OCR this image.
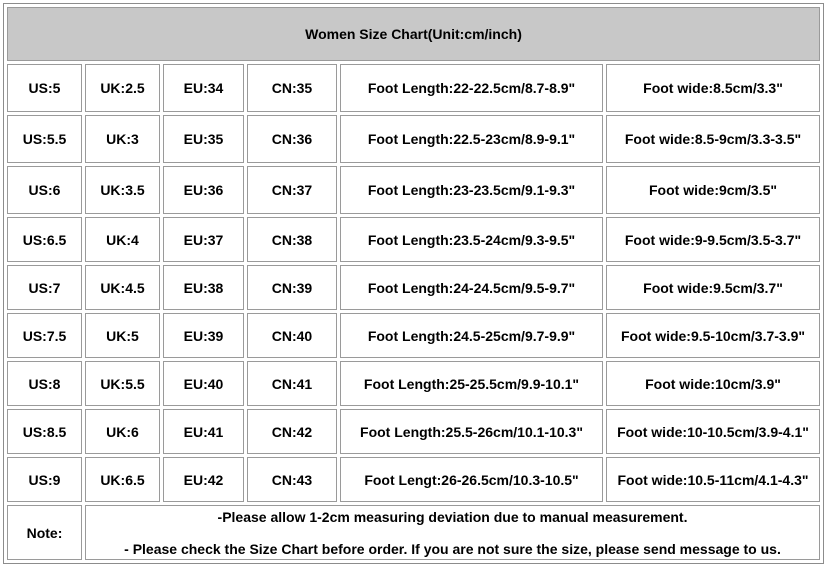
Women Size Chart(Unit:cm/inch)
US:5	UK:2.5	EU:34	CN:35	Foot Length:22-22.5cm/8.7-8.9"	Foot wide:8.5cm/3.3"
US:5.5	UK:3	EU:35	CN:36	Foot Length:22.5-23cm/8.9-9.1"	Foot wide:8.5-9cm/3.3-3.5"
US:6	UK:3.5	EU:36	CN:37	Foot Length:23-23.5cm/9.1-9.3"	Foot wide:9cm/3.5"
US:6.5	UK:4	EU:37	CN:38	Foot Length:23.5-24cm/9.3-9.5"	Foot wide:9-9.5cm/3.5-3.7"
US:7	UK:4.5	EU:38	CN:39	Foot Length:24-24.5cm/9.5-9.7"	Foot wide:9.5cm/3.7"
US:7.5	UK:5	EU:39	CN:40	Foot Length:24.5-25cm/9.7-9.9"	Foot wide:9.5-10cm/3.7-3.9"
US:8	UK:5.5	EU:40	CN:41	Foot Length:25-25.5cm/9.9-10.1"	Foot wide:10cm/3.9"
US:8.5	UK:6	EU:41	CN:42	Foot Length:25.5-26cm/10.1-10.3"	Foot wide:10-10.5cm/3.9-4.1"
US:9	UK:6.5	EU:42	CN:43	Foot Lengt:26-26.5cm/10.3-10.5"	Foot wide:10.5-11cm/4.1-4.3"
Note:
-Please allow 1-2cm measuring deviation due to manual measurement.
- Please check the Size Chart before order. If you are not sure the size, please send message to us.
